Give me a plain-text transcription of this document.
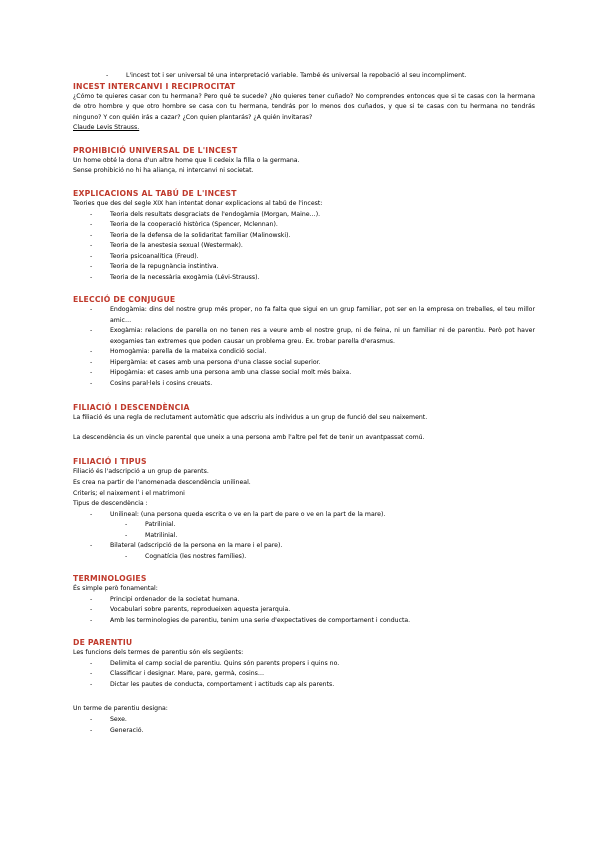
- L'incest tot i ser universal té una interpretació variable. També és universal la repobació al seu incompliment.

INCEST INTERCANVI I RECIPROCITAT

¿Cómo te quieres casar con tu hermana? Pero qué te sucede? ¿No quieres tener cuñado? No comprendes entonces que si te casas con la hermana de otro hombre y que otro hombre se casa con tu hermana, tendrás por lo menos dos cuñados, y que si te casas con tu hermana no tendrás ninguno? Y con quién irás a cazar? ¿Con quien plantarás? ¿A quién invitaras?
Claude Levis Strauss.

PROHIBICIÓ UNIVERSAL DE L'INCEST

Un home obté la dona d'un altre home que li cedeix la filla o la germana.

Sense prohibició no hi ha aliança, ni intercanvi ni societat.

EXPLICACIONS AL TABÚ DE L'INCEST

Teories que des del segle XIX han intentat donar explicacions al tabú de l'incest:

- Teoria dels resultats desgraciats de l'endogàmia (Morgan, Maine…).
- Teoria de la cooperació històrica (Spencer, Mclennan).
- Teoria de la defensa de la solidaritat familiar (Malinowski).
- Teoria de la anestesia sexual (Westermak).
- Teoria psicoanalítica (Freud).
- Teoria de la repugnància instintiva.
- Teoria de la necessària exogàmia (Lévi-Strauss).

ELECCIÓ DE CONJUGUE

- Endogàmia: dins del nostre grup més proper, no fa falta que sigui en un grup familiar, pot ser en la empresa on treballes, el teu millor amic…
- Exogàmia: relacions de parella on no tenen res a veure amb el nostre grup, ni de feina, ni un familiar ni de parentiu. Però pot haver exogamies tan extremes que poden causar un problema greu. Ex. trobar parella d'erasmus.
- Homogàmia: parella de la mateixa condició social.
- Hipergàmia: et cases amb una persona d'una classe social superior.
- Hipogàmia: et cases amb una persona amb una classe social molt més baixa.
- Cosins paral·lels i cosins creuats.

FILIACIÓ I DESCENDÈNCIA

La filiació és una regla de reclutament automàtic que adscriu als individus a un grup de funció del seu naixement.

La descendència és un vincle parental que uneix a una persona amb l'altre pel fet de tenir un avantpassat comú.

FILIACIÓ I TIPUS

Filiació és l'adscripció a un grup de parents.

Es crea na partir de l'anomenada descendència unilineal.

Criteris; el naixement i el matrimoni

Tipus de descendència :

- Unilineal: (una persona queda escrita o ve en la part de pare o ve en la part de la mare).
- Patrilinial.
- Matrilinial.
- Bilateral (adscripció de la persona en la mare i el pare).
- Cognatícia (les nostres famílies).

TERMINOLOGIES

És simple però fonamental:

- Principi ordenador de la societat humana.
- Vocabulari sobre parents, reprodueixen aquesta jerarquia.
- Amb les terminologies de parentiu, tenim una serie d'expectatives de comportament i conducta.

DE PARENTIU

Les funcions dels termes de parentiu són els següents:

- Delimita el camp social de parentiu. Quins són parents propers i quins no.
- Classificar i designar. Mare, pare, germà, cosins…
- Dictar les pautes de conducta, comportament i actituds cap als parents.

Un terme de parentiu designa:

- Sexe.
- Generació.
